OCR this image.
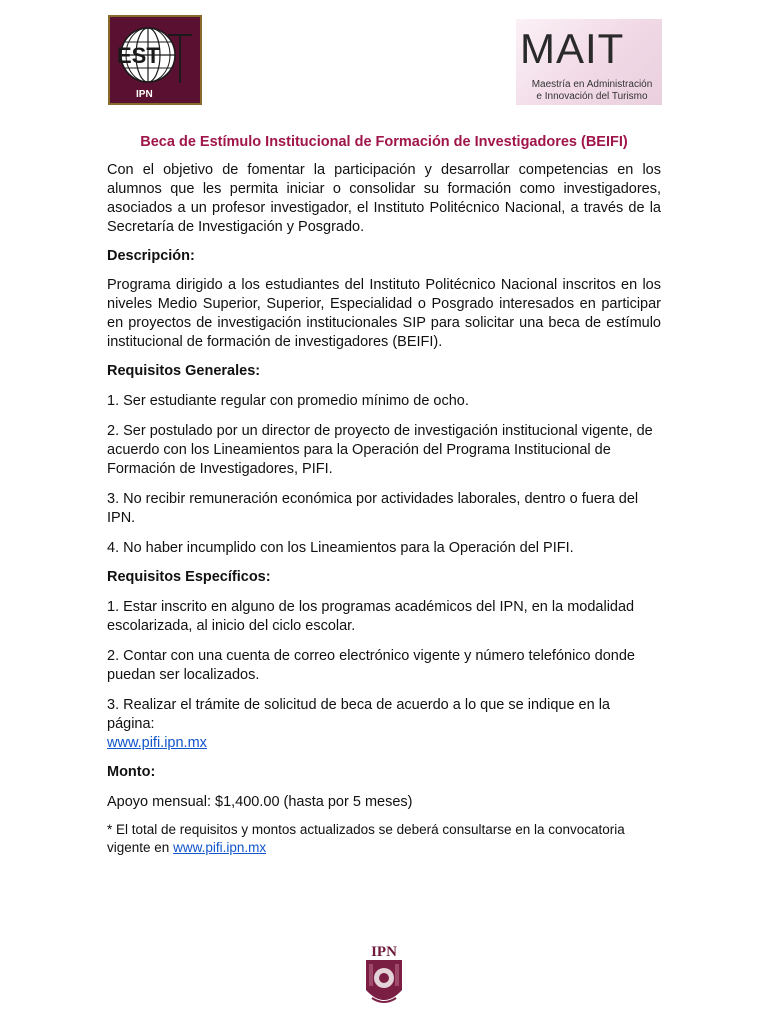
EST
IPN
MAIT
Maestría en Administración
e Innovación del Turismo
Beca de Estímulo Institucional de Formación de Investigadores (BEIFI)

Con el objetivo de fomentar la participación y desarrollar competencias en los alumnos que les permita iniciar o consolidar su formación como investigadores, asociados a un profesor investigador, el Instituto Politécnico Nacional, a través de la Secretaría de Investigación y Posgrado.

Descripción:

Programa dirigido a los estudiantes del Instituto Politécnico Nacional inscritos en los niveles Medio Superior, Superior, Especialidad o Posgrado interesados en participar en proyectos de investigación institucionales SIP para solicitar una beca de estímulo institucional de formación de investigadores (BEIFI).

Requisitos Generales:

1. Ser estudiante regular con promedio mínimo de ocho.

2. Ser postulado por un director de proyecto de investigación institucional vigente, de acuerdo con los Lineamientos para la Operación del Programa Institucional de Formación de Investigadores, PIFI.

3. No recibir remuneración económica por actividades laborales, dentro o fuera del IPN.

4. No haber incumplido con los Lineamientos para la Operación del PIFI.

Requisitos Específicos:

1. Estar inscrito en alguno de los programas académicos del IPN, en la modalidad escolarizada, al inicio del ciclo escolar.

2. Contar con una cuenta de correo electrónico vigente y número telefónico donde puedan ser localizados.

3. Realizar el trámite de solicitud de beca de acuerdo a lo que se indique en la página:

www.pifi.ipn.mx

Monto:

Apoyo mensual: $1,400.00 (hasta por 5 meses)

* El total de requisitos y montos actualizados se deberá consultarse en la convocatoria vigente en www.pifi.ipn.mx

IPN
